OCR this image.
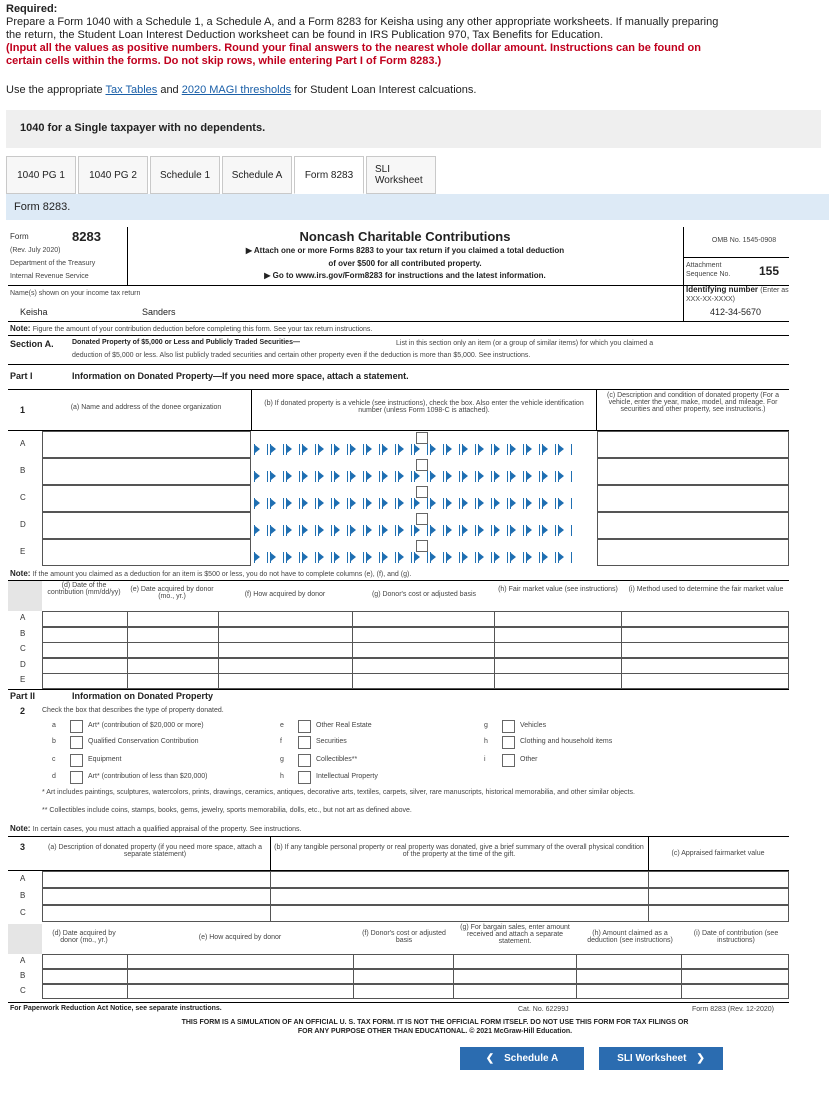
Required:
Prepare a Form 1040 with a Schedule 1, a Schedule A, and a Form 8283 for Keisha using any other appropriate worksheets. If manually preparing the return, the Student Loan Interest Deduction worksheet can be found in IRS Publication 970, Tax Benefits for Education.
(Input all the values as positive numbers. Round your final answers to the nearest whole dollar amount. Instructions can be found on certain cells within the forms. Do not skip rows, while entering Part I of Form 8283.)
Use the appropriate Tax Tables and 2020 MAGI thresholds for Student Loan Interest calcuations.
1040 for a Single taxpayer with no dependents.
1040 PG 1	1040 PG 2	Schedule 1	Schedule A	Form 8283	SLI Worksheet
Form 8283.
Form	8283
(Rev. July 2020)
Department of the Treasury
Internal Revenue Service
Noncash Charitable Contributions
▶ Attach one or more Forms 8283 to your tax return if you claimed a total deduction
of over $500 for all contributed property.
▶ Go to www.irs.gov/Form8283 for instructions and the latest information.
OMB No. 1545-0908
Attachment
Sequence No. 155
Name(s) shown on your income tax return
Keisha	Sanders
Identifying number (Enter as XXX-XX-XXXX)
412-34-5670
Note: Figure the amount of your contribution deduction before completing this form. See your tax return instructions.
Section A.	Donated Property of $5,000 or Less and Publicly Traded Securities—	List in this section only an item (or a group of similar items) for which you claimed a
deduction of $5,000 or less. Also list publicly traded securities and certain other property even if the deduction is more than $5,000. See instructions.
Part I	Information on Donated Property—If you need more space, attach a statement.
1	(a) Name and address of the donee organization
(b) If donated property is a vehicle (see instructions), check the box. Also enter the vehicle identification number (unless Form 1098-C is attached).
(c) Description and condition of donated property (For a vehicle, enter the year, make, model, and mileage. For securities and other property, see instructions.)
A
B
C
D
E
Note: If the amount you claimed as a deduction for an item is $500 or less, you do not have to complete columns (e), (f), and (g).
(d) Date of the contribution (mm/dd/yy)	(e) Date acquired by donor (mo., yr.)	(f) How acquired by donor	(g) Donor's cost or adjusted basis
(h) Fair market value (see instructions)	(i) Method used to determine the fair market value
A
B
C
D
E
Part II	Information on Donated Property
2 Check the box that describes the type of property donated.
a	Art* (contribution of $20,000 or more)
b	Qualified Conservation Contribution
c	Equipment
d	Art* (contribution of less than $20,000)
e	Other Real Estate
f	Securities
g	Collectibles**
h	Intellectual Property
g	Vehicles
h	Clothing and household items
i	Other
* Art includes paintings, sculptures, watercolors, prints, drawings, ceramics, antiques, decorative arts, textiles, carpets, silver, rare manuscripts, historical memorabilia, and other similar objects.
** Collectibles include coins, stamps, books, gems, jewelry, sports memorabilia, dolls, etc., but not art as defined above.
Note: In certain cases, you must attach a qualified appraisal of the property. See instructions.
3	(a) Description of donated property (if you need more space, attach a separate statement)
(b) If any tangible personal property or real property was donated, give a brief summary of the overall physical condition of the property at the time of the gift.	(c) Appraised fairmarket value
A
B
C
(d) Date acquired by donor (mo., yr.)	(e) How acquired by donor
(f) Donor's cost or adjusted basis
(g) For bargain sales, enter amount received and attach a separate statement.
(h) Amount claimed as a deduction (see instructions)
(i) Date of contribution (see instructions)
A
B
C
For Paperwork Reduction Act Notice, see separate instructions.	Cat. No. 62299J	Form 8283 (Rev. 12-2020)
THIS FORM IS A SIMULATION OF AN OFFICIAL U. S. TAX FORM. IT IS NOT THE OFFICIAL FORM ITSELF. DO NOT USE THIS FORM FOR TAX FILINGS OR
FOR ANY PURPOSE OTHER THAN EDUCATIONAL. © 2021 McGraw-Hill Education.
❮ Schedule A	SLI Worksheet ❯
